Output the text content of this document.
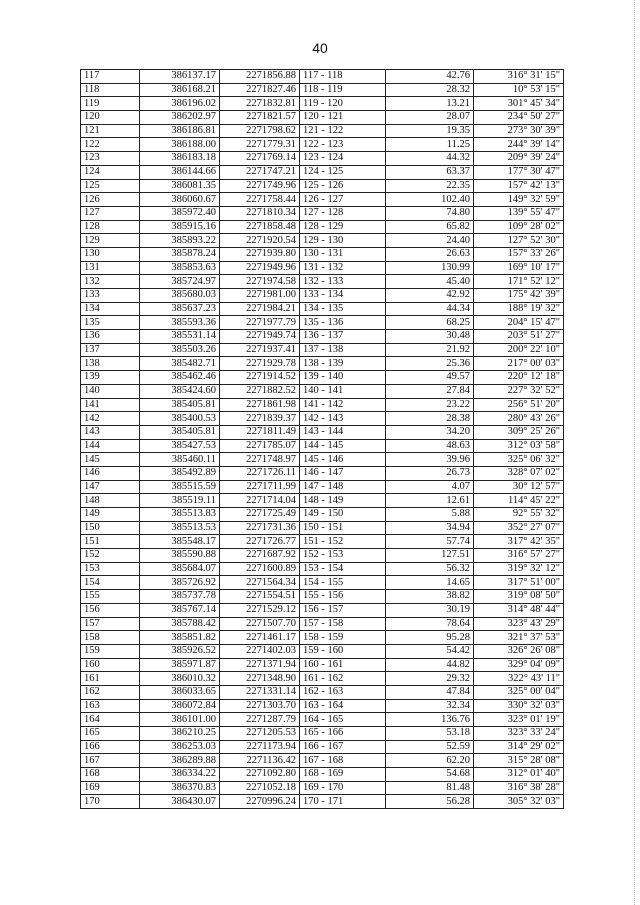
40
117	386137.17	2271856.88	117 - 118	42.76	316° 31' 15"
118	386168.21	2271827.46	118 - 119	28.32	10° 53' 15"
119	386196.02	2271832.81	119 - 120	13.21	301° 45' 34"
120	386202.97	2271821.57	120 - 121	28.07	234° 50' 27"
121	386186.81	2271798.62	121 - 122	19.35	273° 30' 39"
122	386188.00	2271779.31	122 - 123	11.25	244° 39' 14"
123	386183.18	2271769.14	123 - 124	44.32	209° 39' 24"
124	386144.66	2271747.21	124 - 125	63.37	177° 30' 47"
125	386081.35	2271749.96	125 - 126	22.35	157° 42' 13"
126	386060.67	2271758.44	126 - 127	102.40	149° 32' 59"
127	385972.40	2271810.34	127 - 128	74.80	139° 55' 47"
128	385915.16	2271858.48	128 - 129	65.82	109° 28' 02"
129	385893.22	2271920.54	129 - 130	24.40	127° 52' 30"
130	385878.24	2271939.80	130 - 131	26.63	157° 33' 26"
131	385853.63	2271949.96	131 - 132	130.99	169° 10' 17"
132	385724.97	2271974.58	132 - 133	45.40	171° 52' 12"
133	385680.03	2271981.00	133 - 134	42.92	175° 42' 39"
134	385637.23	2271984.21	134 - 135	44.34	188° 19' 32"
135	385593.36	2271977.79	135 - 136	68.25	204° 15' 47"
136	385531.14	2271949.74	136 - 137	30.48	203° 51' 27"
137	385503.26	2271937.41	137 - 138	21.92	200° 22' 10"
138	385482.71	2271929.78	138 - 139	25.36	217° 00' 03"
139	385462.46	2271914.52	139 - 140	49.57	220° 12' 18"
140	385424.60	2271882.52	140 - 141	27.84	227° 32' 52"
141	385405.81	2271861.98	141 - 142	23.22	256° 51' 20"
142	385400.53	2271839.37	142 - 143	28.38	280° 43' 26"
143	385405.81	2271811.49	143 - 144	34.20	309° 25' 26"
144	385427.53	2271785.07	144 - 145	48.63	312° 03' 58"
145	385460.11	2271748.97	145 - 146	39.96	325° 06' 32"
146	385492.89	2271726.11	146 - 147	26.73	328° 07' 02"
147	385515.59	2271711.99	147 - 148	4.07	30° 12' 57"
148	385519.11	2271714.04	148 - 149	12.61	114° 45' 22"
149	385513.83	2271725.49	149 - 150	5.88	92° 55' 32"
150	385513.53	2271731.36	150 - 151	34.94	352° 27' 07"
151	385548.17	2271726.77	151 - 152	57.74	317° 42' 35"
152	385590.88	2271687.92	152 - 153	127.51	316° 57' 27"
153	385684.07	2271600.89	153 - 154	56.32	319° 32' 12"
154	385726.92	2271564.34	154 - 155	14.65	317° 51' 00"
155	385737.78	2271554.51	155 - 156	38.82	319° 08' 50"
156	385767.14	2271529.12	156 - 157	30.19	314° 48' 44"
157	385788.42	2271507.70	157 - 158	78.64	323° 43' 29"
158	385851.82	2271461.17	158 - 159	95.28	321° 37' 53"
159	385926.52	2271402.03	159 - 160	54.42	326° 26' 08"
160	385971.87	2271371.94	160 - 161	44.82	329° 04' 09"
161	386010.32	2271348.90	161 - 162	29.32	322° 43' 11"
162	386033.65	2271331.14	162 - 163	47.84	325° 00' 04"
163	386072.84	2271303.70	163 - 164	32.34	330° 32' 03"
164	386101.00	2271287.79	164 - 165	136.76	323° 01' 19"
165	386210.25	2271205.53	165 - 166	53.18	323° 33' 24"
166	386253.03	2271173.94	166 - 167	52.59	314° 29' 02"
167	386289.88	2271136.42	167 - 168	62.20	315° 28' 08"
168	386334.22	2271092.80	168 - 169	54.68	312° 01' 40"
169	386370.83	2271052.18	169 - 170	81.48	316° 38' 28"
170	386430.07	2270996.24	170 - 171	56.28	305° 32' 03"
